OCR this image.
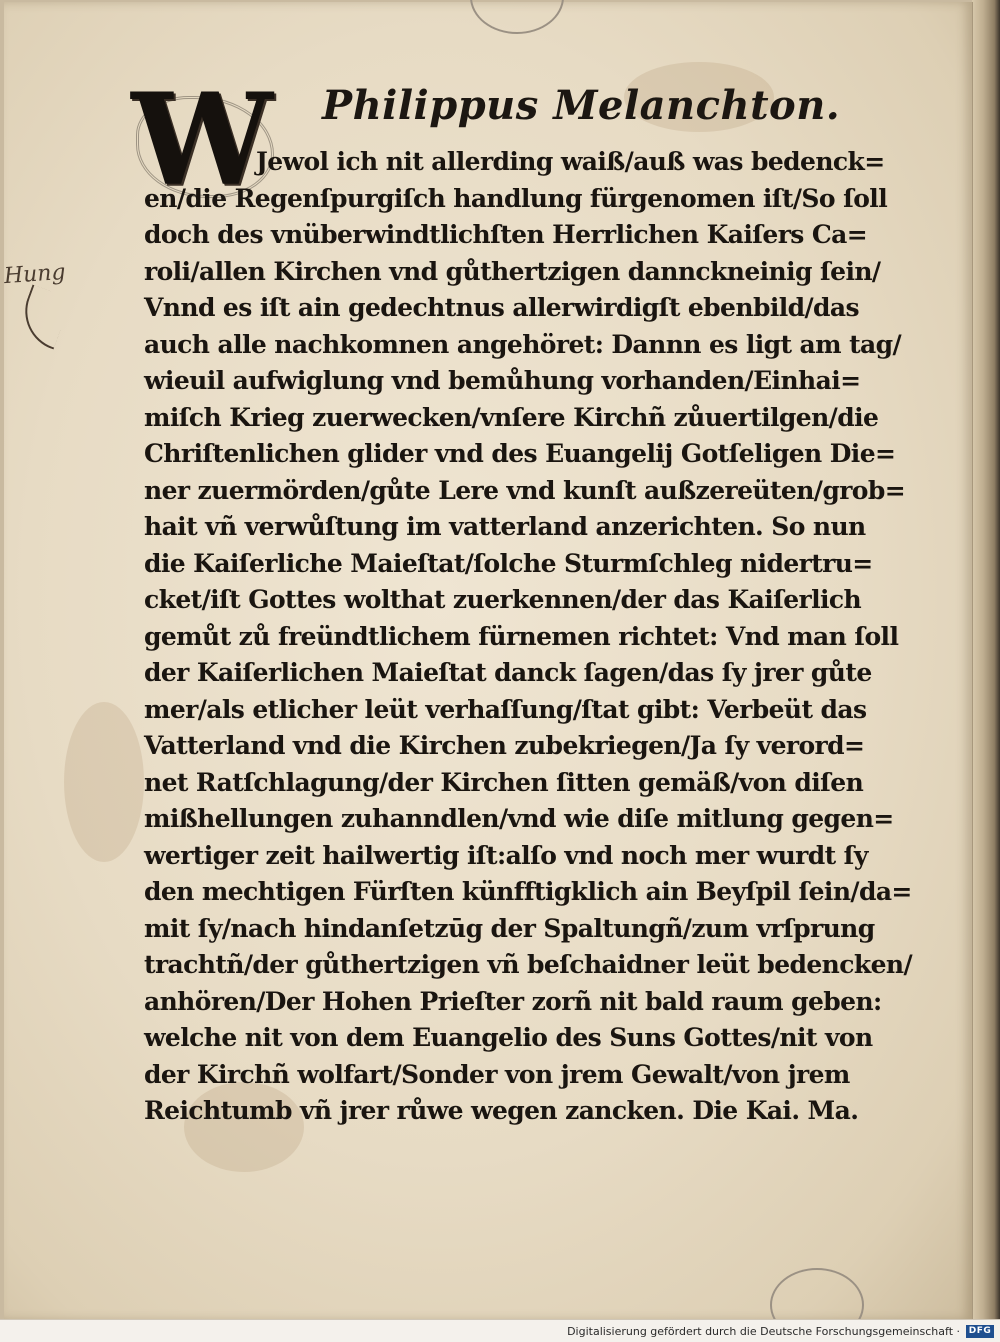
Hung
W Philippus Melanchton.
Jewol ich nit allerding waiß/auß was bedenck=
en/die Regenſpurgiſch handlung fürgenomen iſt/So ſoll
doch des vnüberwindtlichſten Herrlichen Kaiſers Ca=
roli/allen Kirchen vnd gůthertzigen dannckneinig ſein/
Vnnd es iſt ain gedechtnus allerwirdigſt ebenbild/das
auch alle nachkomnen angehöret: Dannn es ligt am tag/
wieuil aufwiglung vnd bemůhung vorhanden/Einhai=
miſch Krieg zuerwecken/vnſere Kirchñ zůuertilgen/die
Chriſtenlichen glider vnd des Euangelij Gotſeligen Die=
ner zuermörden/gůte Lere vnd kunſt außzereüten/grob=
hait vñ verwůſtung im vatterland anzerichten. So nun
die Kaiſerliche Maieſtat/ſolche Sturmſchleg nidertru=
cket/iſt Gottes wolthat zuerkennen/der das Kaiſerlich
gemůt zů freündtlichem fürnemen richtet: Vnd man ſoll
der Kaiſerlichen Maieſtat danck ſagen/das ſy jrer gůte
mer/als etlicher leüt verhaſſung/ſtat gibt: Verbeüt das
Vatterland vnd die Kirchen zubekriegen/Ja ſy verord=
net Ratſchlagung/der Kirchen ſitten gemäß/von diſen
mißhellungen zuhanndlen/vnd wie diſe mitlung gegen=
wertiger zeit hailwertig iſt:alſo vnd noch mer wurdt ſy
den mechtigen Fürſten künfftigklich ain Beyſpil ſein/da=
mit ſy/nach hindanſetzūg der Spaltungñ/zum vrſprung
trachtñ/der gůthertzigen vñ beſchaidner leüt bedencken/
anhören/Der Hohen Prieſter zorñ nit bald raum geben:
welche nit von dem Euangelio des Suns Gottes/nit von
der Kirchñ wolfart/Sonder von jrem Gewalt/von jrem
Reichtumb vñ jrer růwe wegen zancken. Die Kai. Ma.
Digitalisierung gefördert durch die Deutsche Forschungsgemeinschaft · DFG
